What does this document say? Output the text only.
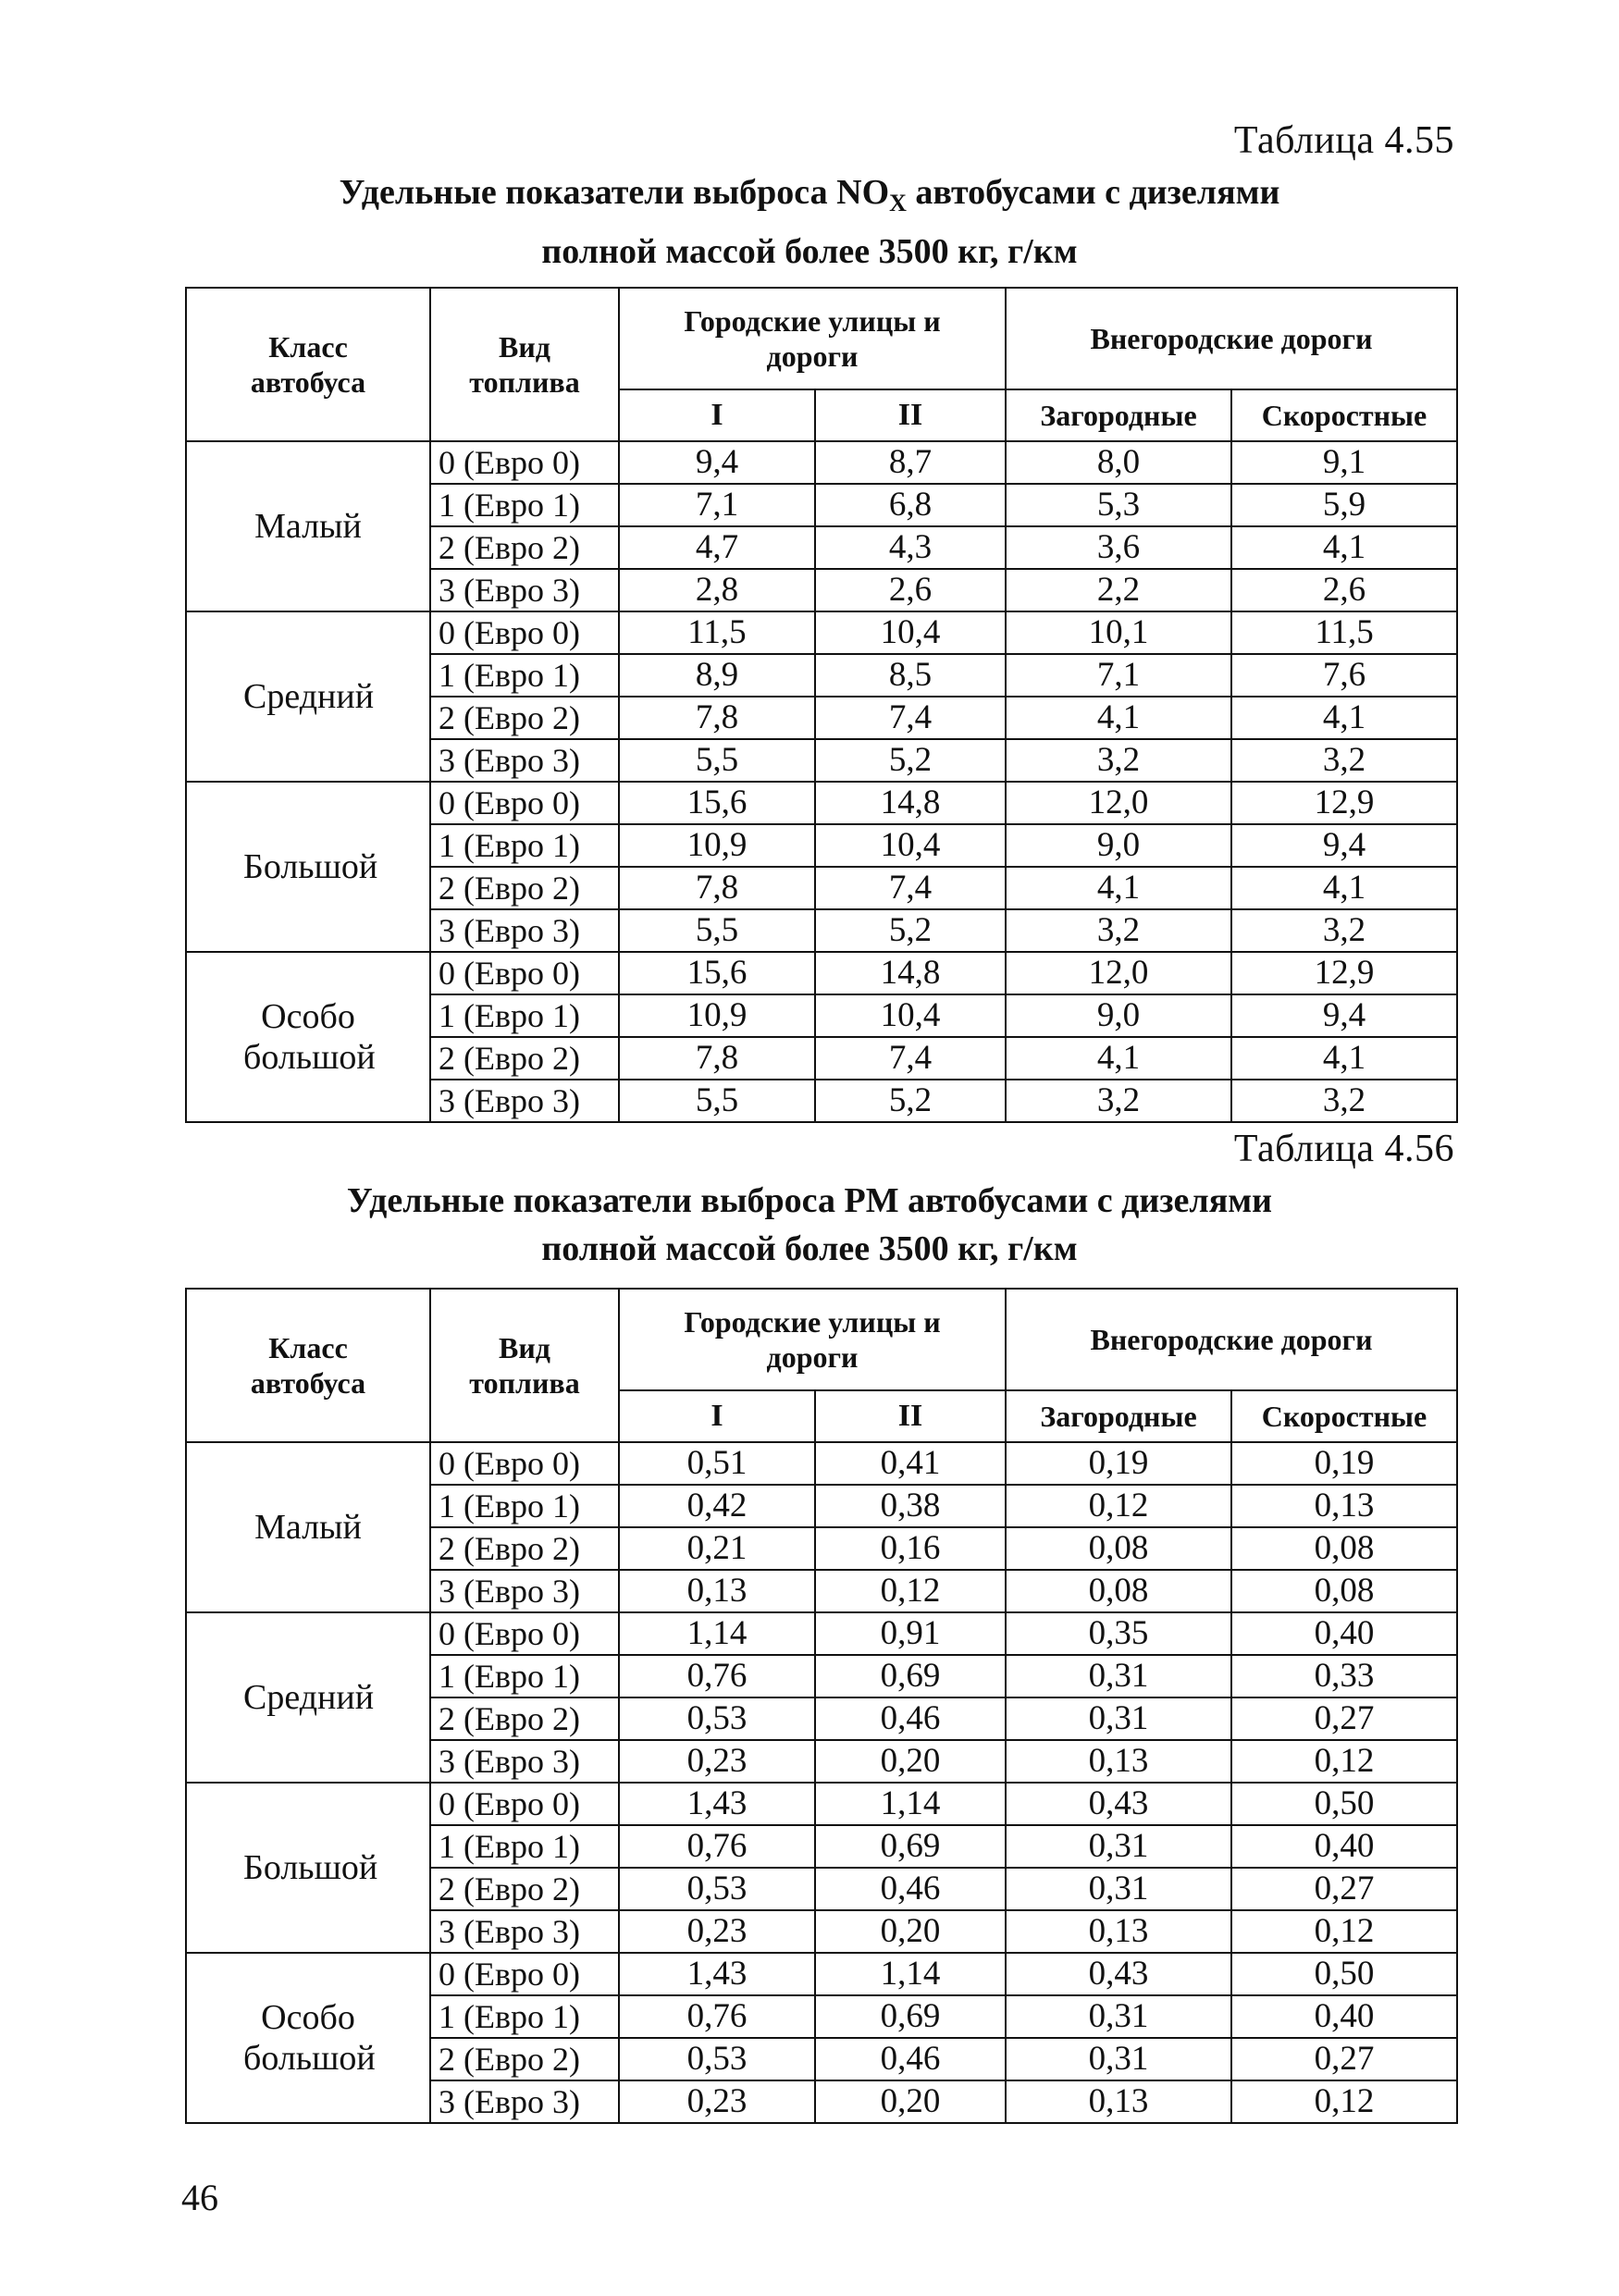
Таблица 4.55
Удельные показатели выброса $NO_X$ автобусами с дизелями
полной массой более 3500 кг, г/км
Класс автобуса	Вид топлива	Городские улицы и дороги		Внегородские дороги	
		I	II	Загородные	Скоростные

Малый	0 (Евро 0)	9,4	8,7	8,0	9,1
	1 (Евро 1)	7,1	6,8	5,3	5,9
	2 (Евро 2)	4,7	4,3	3,6	4,1
	3 (Евро 3)	2,8	2,6	2,2	2,6

Средний	0 (Евро 0)	11,5	10,4	10,1	11,5
	1 (Евро 1)	8,9	8,5	7,1	7,6
	2 (Евро 2)	7,8	7,4	4,1	4,1
	3 (Евро 3)	5,5	5,2	3,2	3,2

Большой	0 (Евро 0)	15,6	14,8	12,0	12,9
	1 (Евро 1)	10,9	10,4	9,0	9,4
	2 (Евро 2)	7,8	7,4	4,1	4,1
	3 (Евро 3)	5,5	5,2	3,2	3,2

Особо большой	0 (Евро 0)	15,6	14,8	12,0	12,9
	1 (Евро 1)	10,9	10,4	9,0	9,4
	2 (Евро 2)	7,8	7,4	4,1	4,1
	3 (Евро 3)	5,5	5,2	3,2	3,2
Таблица 4.56
Удельные показатели выброса PM автобусами с дизелями
полной массой более 3500 кг, г/км
Класс автобуса	Вид топлива	Городские улицы и дороги		Внегородские дороги	
		I	II	Загородные	Скоростные

Малый	0 (Евро 0)	0,51	0,41	0,19	0,19
	1 (Евро 1)	0,42	0,38	0,12	0,13
	2 (Евро 2)	0,21	0,16	0,08	0,08
	3 (Евро 3)	0,13	0,12	0,08	0,08

Средний	0 (Евро 0)	1,14	0,91	0,35	0,40
	1 (Евро 1)	0,76	0,69	0,31	0,33
	2 (Евро 2)	0,53	0,46	0,31	0,27
	3 (Евро 3)	0,23	0,20	0,13	0,12

Большой	0 (Евро 0)	1,43	1,14	0,43	0,50
	1 (Евро 1)	0,76	0,69	0,31	0,40
	2 (Евро 2)	0,53	0,46	0,31	0,27
	3 (Евро 3)	0,23	0,20	0,13	0,12

Особо большой	0 (Евро 0)	1,43	1,14	0,43	0,50
	1 (Евро 1)	0,76	0,69	0,31	0,40
	2 (Евро 2)	0,53	0,46	0,31	0,27
	3 (Евро 3)	0,23	0,20	0,13	0,12
46
